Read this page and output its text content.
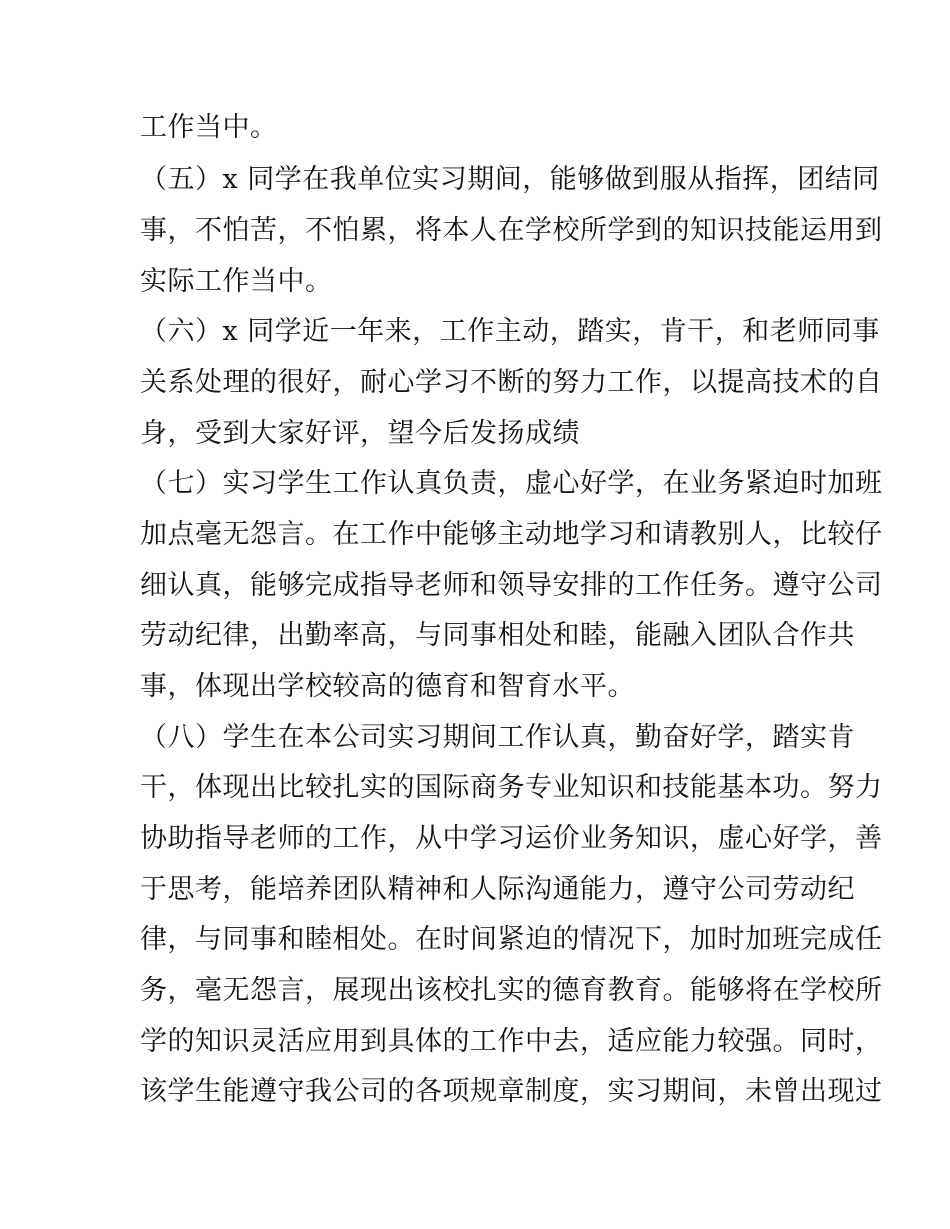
工作当中。
（五）x 同学在我单位实习期间，能够做到服从指挥，团结同
事，不怕苦，不怕累，将本人在学校所学到的知识技能运用到
实际工作当中。
（六）x 同学近一年来，工作主动，踏实，肯干，和老师同事
关系处理的很好，耐心学习不断的努力工作，以提高技术的自
身，受到大家好评，望今后发扬成绩
（七）实习学生工作认真负责，虚心好学，在业务紧迫时加班
加点毫无怨言。在工作中能够主动地学习和请教别人，比较仔
细认真，能够完成指导老师和领导安排的工作任务。遵守公司
劳动纪律，出勤率高，与同事相处和睦，能融入团队合作共
事，体现出学校较高的德育和智育水平。
（八）学生在本公司实习期间工作认真，勤奋好学，踏实肯
干，体现出比较扎实的国际商务专业知识和技能基本功。努力
协助指导老师的工作，从中学习运价业务知识，虚心好学，善
于思考，能培养团队精神和人际沟通能力，遵守公司劳动纪
律，与同事和睦相处。在时间紧迫的情况下，加时加班完成任
务，毫无怨言，展现出该校扎实的德育教育。能够将在学校所
学的知识灵活应用到具体的工作中去，适应能力较强。同时，
该学生能遵守我公司的各项规章制度，实习期间，未曾出现过
